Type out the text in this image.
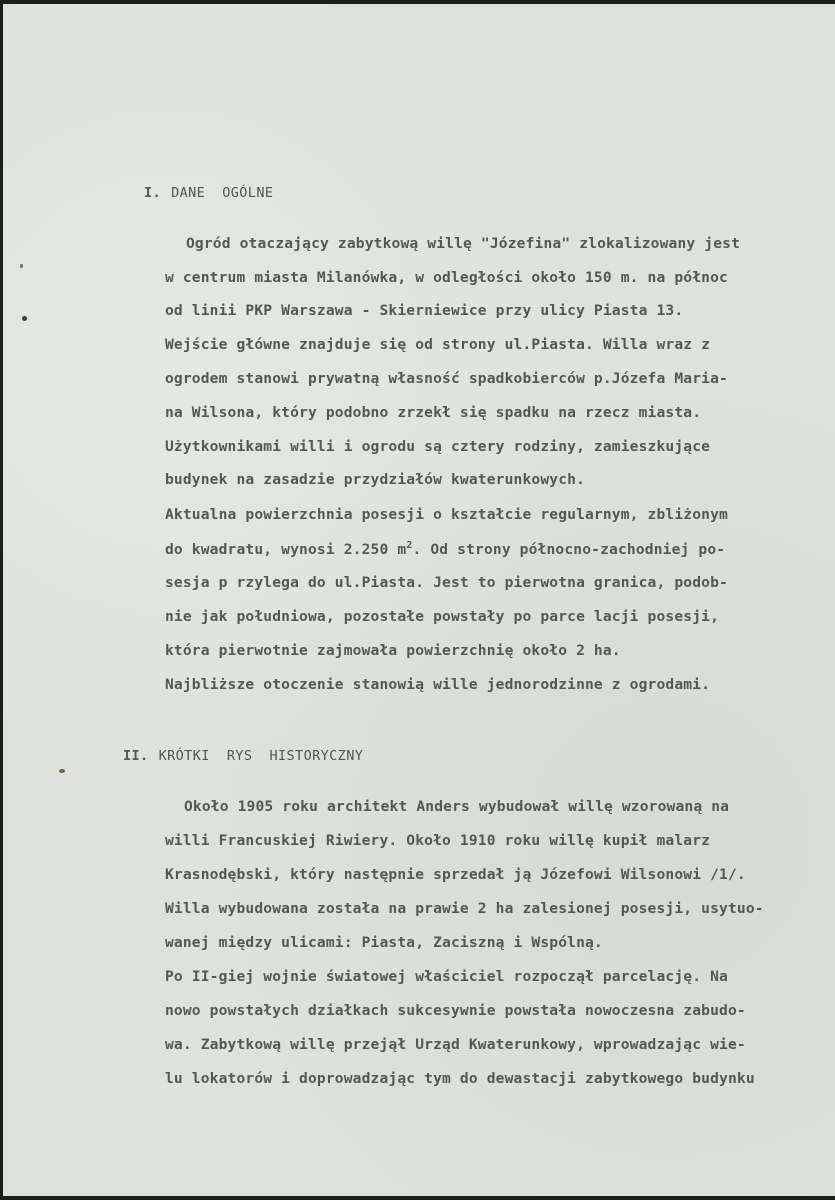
I. DANE  OGÓLNE
Ogród otaczający zabytkową willę "Józefina" zlokalizowany jest
w centrum miasta Milanówka, w odległości około 150 m. na północ
od linii PKP Warszawa - Skierniewice przy ulicy Piasta 13.
Wejście główne znajduje się od strony ul.Piasta. Willa wraz z
ogrodem stanowi prywatną własność spadkobierców p.Józefa Maria-
na Wilsona, który podobno zrzekł się spadku na rzecz miasta.
Użytkownikami willi i ogrodu są cztery rodziny, zamieszkujące
budynek na zasadzie przydziałów kwaterunkowych.
Aktualna powierzchnia posesji o kształcie regularnym, zbliżonym
do kwadratu, wynosi 2.250 $m^2$. Od strony północno-zachodniej po-
sesja p rzylega do ul.Piasta. Jest to pierwotna granica, podob-
nie jak południowa, pozostałe powstały po parce lacji posesji,
która pierwotnie zajmowała powierzchnię około 2 ha.
Najbliższe otoczenie stanowią wille jednorodzinne z ogrodami.
II. KRÓTKI  RYS  HISTORYCZNY
Około 1905 roku architekt Anders wybudował willę wzorowaną na
willi Francuskiej Riwiery. Około 1910 roku willę kupił malarz
Krasnodębski, który następnie sprzedał ją Józefowi Wilsonowi /1/.
Willa wybudowana została na prawie 2 ha zalesionej posesji, usytuo-
wanej między ulicami: Piasta, Zaciszną i Wspólną.
Po II-giej wojnie światowej właściciel rozpoczął parcelację. Na
nowo powstałych działkach sukcesywnie powstała nowoczesna zabudo-
wa. Zabytkową willę przejął Urząd Kwaterunkowy, wprowadzając wie-
lu lokatorów i doprowadzając tym do dewastacji zabytkowego budynku
